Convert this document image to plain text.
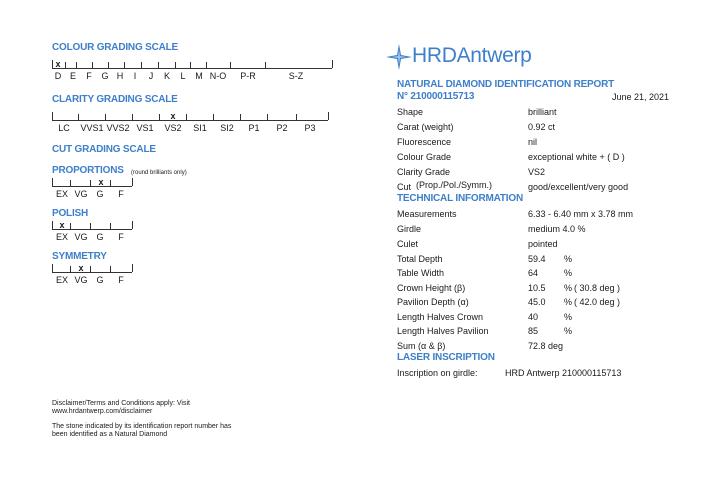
COLOUR GRADING SCALE
x
D E F G H I J K L M N-O P-R	S-Z
CLARITY GRADING SCALE
x
LC VVS1 VVS2 VS1 VS2 SI1 SI2 P1 P2 P3
CUT GRADING SCALE
PROPORTIONS (round brilliants only)
x
EX VG G F
POLISH
x
EX VG G F
SYMMETRY
x
EX VG G F
Disclaimer/Terms and Conditions apply: Visit
www.hrdantwerp.com/disclaimer
The stone indicated by its identification report number has
been identified as a Natural Diamond
HRDAntwerp
NATURAL DIAMOND IDENTIFICATION REPORT
N° 210000115713	June 21, 2021
Shape	brilliant
Carat (weight)	0.92 ct
Fluorescence	nil
Colour Grade	exceptional white + ( D )
Clarity Grade	VS2
Cut (Prop./Pol./Symm.)	good/excellent/very good
TECHNICAL INFORMATION
Measurements	6.33 - 6.40 mm x 3.78 mm
Girdle	medium 4.0 %
Culet	pointed
Total Depth	59.4 %
Table Width	64	%
Crown Height (β)	10.5 % ( 30.8 deg )
Pavilion Depth (α)	45.0 % ( 42.0 deg )
Length Halves Crown	40	%
Length Halves Pavilion	85	%
Sum (α & β)	72.8 deg
LASER INSCRIPTION
Inscription on girdle:	HRD Antwerp 210000115713
